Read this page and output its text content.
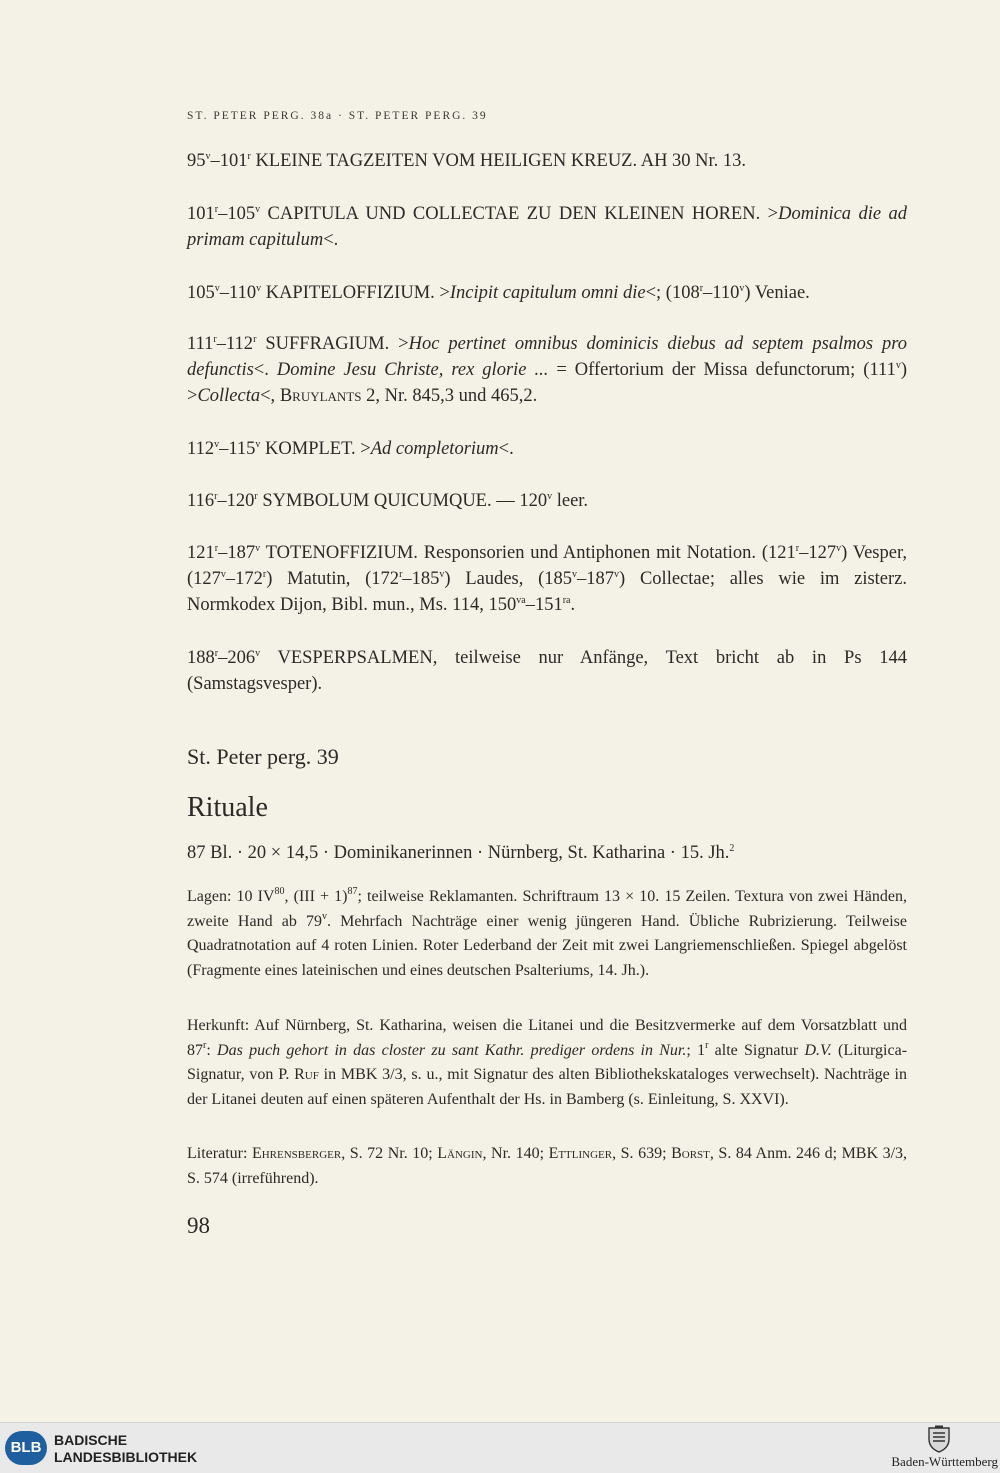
ST. PETER PERG. 38a · ST. PETER PERG. 39
95$^v$–101$^r$ KLEINE TAGZEITEN VOM HEILIGEN KREUZ. AH 30 Nr. 13.
101$^r$–105$^v$ CAPITULA UND COLLECTAE ZU DEN KLEINEN HOREN. >Dominica die ad primam capitulum<.
105$^v$–110$^v$ KAPITELOFFIZIUM. >Incipit capitulum omni die<; (108$^r$–110$^v$) Veniae.
111$^r$–112$^r$ SUFFRAGIUM. >Hoc pertinet omnibus dominicis diebus ad septem psalmos pro defunctis<. Domine Jesu Christe, rex glorie ... = Offertorium der Missa defunctorum; $(111^v)$ >Collecta<, Bruylants 2, Nr. 845,3 und 465,2.
112$^v$–115$^v$ KOMPLET. >Ad completorium<.
116$^r$–120$^r$ SYMBOLUM QUICUMQUE. — 120$^v$ leer.
121$^r$–187$^v$ TOTENOFFIZIUM. Responsorien und Antiphonen mit Notation. (121$^r$–127$^v$) Vesper, (127$^v$–172$^r$) Matutin, (172$^r$–185$^v$) Laudes, (185$^v$–187$^v$) Collectae; alles wie im zisterz. Normkodex Dijon, Bibl. mun., Ms. 114, $150^{va}-151^{ra}$.
188$^r$–206$^v$ VESPERPSALMEN, teilweise nur Anfänge, Text bricht ab in Ps 144 (Samstagsvesper).
St. Peter perg. 39
Rituale
87 Bl. · 20 × 14,5 · Dominikanerinnen · Nürnberg, St. Katharina · 15. Jh.$^2$
Lagen: 10 IV$^{80}$, (III + 1)$^{87}$; teilweise Reklamanten. Schriftraum 13 × 10. 15 Zeilen. Textura von zwei Händen, zweite Hand ab 79$^v$. Mehrfach Nachträge einer wenig jüngeren Hand. Übliche Rubrizierung. Teilweise Quadratnotation auf 4 roten Linien. Roter Lederband der Zeit mit zwei Langriemenschließen. Spiegel abgelöst (Fragmente eines lateinischen und eines deutschen Psalteriums, 14. Jh.).
Herkunft: Auf Nürnberg, St. Katharina, weisen die Litanei und die Besitzvermerke auf dem Vorsatzblatt und 87$^r$: Das puch gehort in das closter zu sant Kathr. prediger ordens in Nur.; 1$^r$ alte Signatur D.V. (Liturgica-Signatur, von P. Ruf in MBK 3/3, s. u., mit Signatur des alten Bibliothekskataloges verwechselt). Nachträge in der Litanei deuten auf einen späteren Aufenthalt der Hs. in Bamberg (s. Einleitung, S. XXVI).
Literatur: Ehrensberger, S. 72 Nr. 10; Längin, Nr. 140; Ettlinger, S. 639; Borst, S. 84 Anm. 246 d; MBK 3/3, S. 574 (irreführend).
98
BLB BADISCHE
LANDESBIBLIOTHEK	Baden-Württemberg
